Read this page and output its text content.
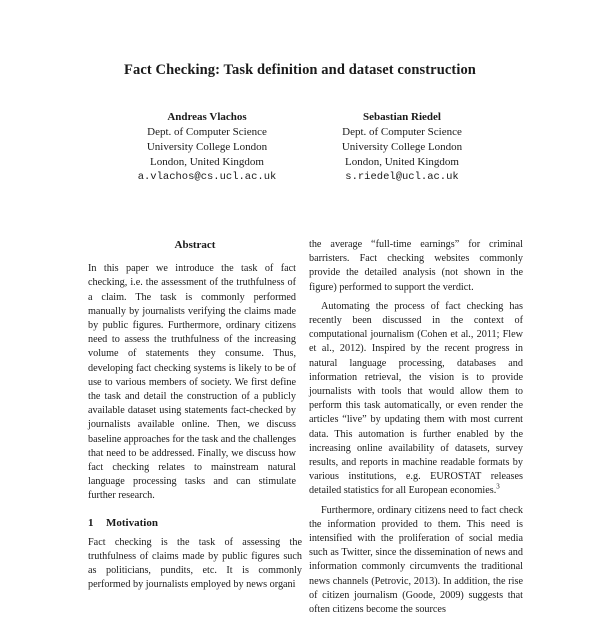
Fact Checking: Task definition and dataset construction
Andreas Vlachos
Dept. of Computer Science
University College London
London, United Kingdom
a.vlachos@cs.ucl.ac.uk
Sebastian Riedel
Dept. of Computer Science
University College London
London, United Kingdom
s.riedel@ucl.ac.uk
Abstract

In this paper we introduce the task of fact checking, i.e. the assessment of the truthfulness of a claim. The task is commonly performed manually by journalists verifying the claims made by public figures. Furthermore, ordinary citizens need to assess the truthfulness of the increasing volume of statements they consume. Thus, developing fact checking systems is likely to be of use to various members of society. We first define the task and detail the construction of a publicly available dataset using statements fact-checked by journalists available online. Then, we discuss baseline approaches for the task and the challenges that need to be addressed. Finally, we discuss how fact checking relates to mainstream natural language processing tasks and can stimulate further research.

1 Motivation

Fact checking is the task of assessing the truthfulness of claims made by public figures such as politicians, pundits, etc. It is commonly performed by journalists employed by news organi

the average “full-time earnings” for criminal barristers. Fact checking websites commonly provide the detailed analysis (not shown in the figure) performed to support the verdict.

Automating the process of fact checking has recently been discussed in the context of computational journalism (Cohen et al., 2011; Flew et al., 2012). Inspired by the recent progress in natural language processing, databases and information retrieval, the vision is to provide journalists with tools that would allow them to perform this task automatically, or even render the articles “live” by updating them with most current data. This automation is further enabled by the increasing online availability of datasets, survey results, and reports in machine readable formats by various institutions, e.g. EUROSTAT releases detailed statistics for all European economies.$^3$

Furthermore, ordinary citizens need to fact check the information provided to them. This need is intensified with the proliferation of social media such as Twitter, since the dissemination of news and information commonly circumvents the traditional news channels (Petrovic, 2013). In addition, the rise of citizen journalism (Goode, 2009) suggests that often citizens become the sources
